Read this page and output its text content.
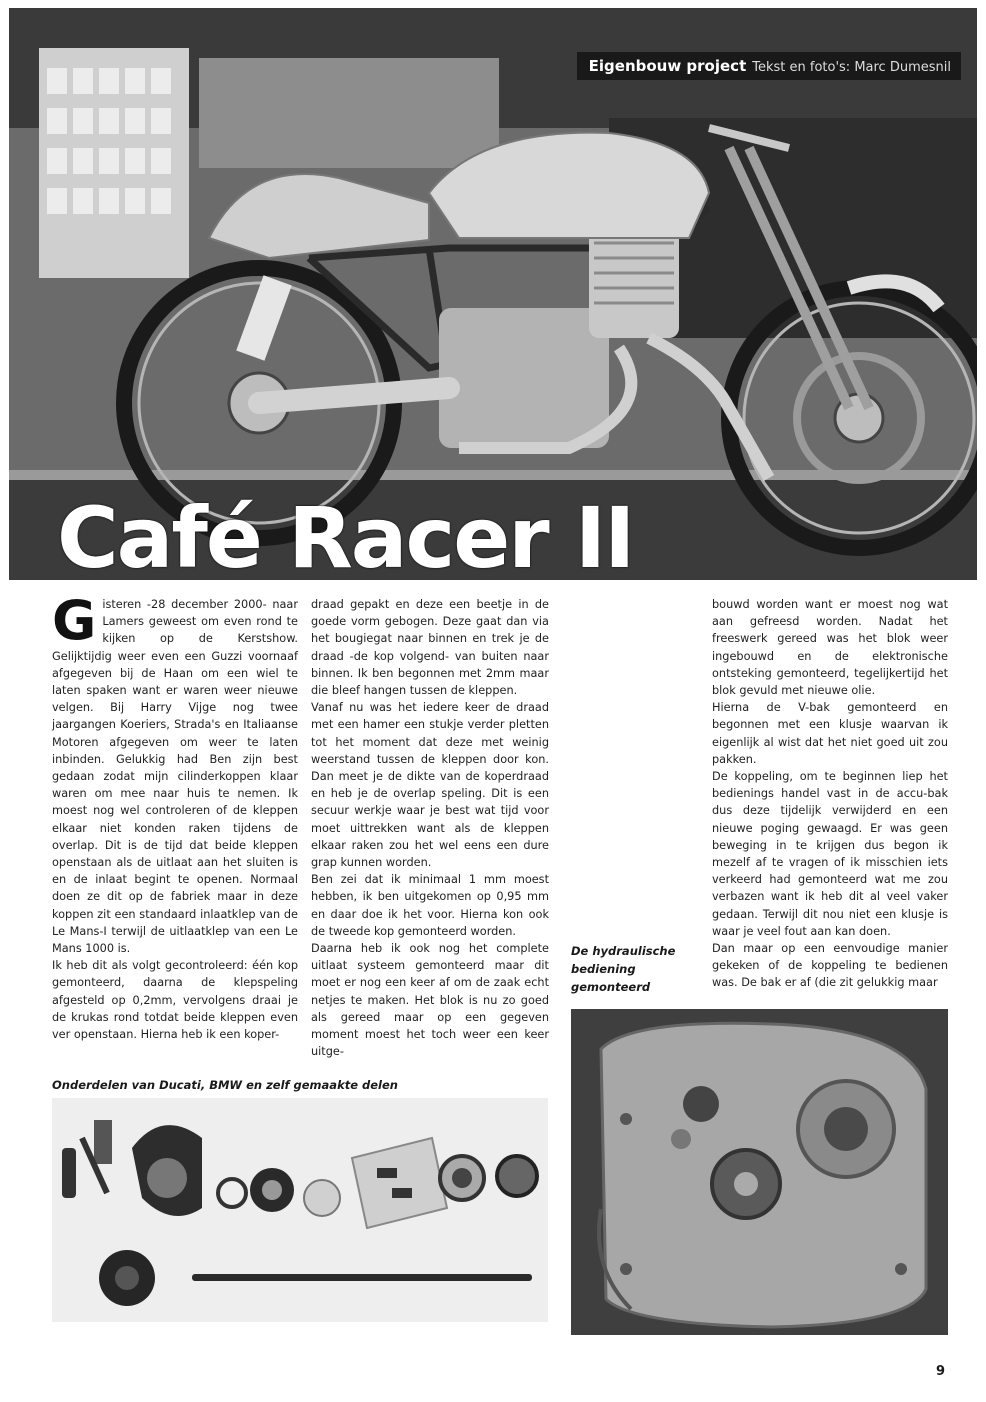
Eigenbouw project Tekst en foto's: Marc Dumesnil
Café Racer II

Gisteren -28 december 2000- naar Lamers geweest om even rond te kijken op de Kerstshow. Gelijktijdig weer even een Guzzi voornaaf afgegeven bij de Haan om een wiel te laten spaken want er waren weer nieuwe velgen. Bij Harry Vijge nog twee jaargangen Koeriers, Strada's en Italiaanse Motoren afgegeven om weer te laten inbinden. Gelukkig had Ben zijn best gedaan zodat mijn cilinderkoppen klaar waren om mee naar huis te nemen. Ik moest nog wel controleren of de kleppen elkaar niet konden raken tijdens de overlap. Dit is de tijd dat beide kleppen openstaan als de uitlaat aan het sluiten is en de inlaat begint te openen. Normaal doen ze dit op de fabriek maar in deze koppen zit een standaard inlaatklep van de Le Mans-I terwijl de uitlaatklep van een Le Mans 1000 is.

Ik heb dit als volgt gecontroleerd: één kop gemonteerd, daarna de klepspeling afgesteld op 0,2mm, vervolgens draai je de krukas rond totdat beide kleppen even ver openstaan. Hierna heb ik een koper-

draad gepakt en deze een beetje in de goede vorm gebogen. Deze gaat dan via het bougiegat naar binnen en trek je de draad -de kop volgend- van buiten naar binnen. Ik ben begonnen met 2mm maar die bleef hangen tussen de kleppen.

Vanaf nu was het iedere keer de draad met een hamer een stukje verder pletten tot het moment dat deze met weinig weerstand tussen de kleppen door kon. Dan meet je de dikte van de koperdraad en heb je de overlap speling. Dit is een secuur werkje waar je best wat tijd voor moet uittrekken want als de kleppen elkaar raken zou het wel eens een dure grap kunnen worden.

Ben zei dat ik minimaal 1 mm moest hebben, ik ben uitgekomen op 0,95 mm en daar doe ik het voor. Hierna kon ook de tweede kop gemonteerd worden.

Daarna heb ik ook nog het complete uitlaat systeem gemonteerd maar dit moet er nog een keer af om de zaak echt netjes te maken. Het blok is nu zo goed als gereed maar op een gegeven moment moest het toch weer een keer uitge-

bouwd worden want er moest nog wat aan gefreesd worden. Nadat het freeswerk gereed was het blok weer ingebouwd en de elektronische ontsteking gemonteerd, tegelijkertijd het blok gevuld met nieuwe olie.

Hierna de V-bak gemonteerd en begonnen met een klusje waarvan ik eigenlijk al wist dat het niet goed uit zou pakken.

De koppeling, om te beginnen liep het bedienings handel vast in de accu-bak dus deze tijdelijk verwijderd en een nieuwe poging gewaagd. Er was geen beweging in te krijgen dus begon ik mezelf af te vragen of ik misschien iets verkeerd had gemonteerd wat me zou verbazen want ik heb dit al veel vaker gedaan. Terwijl dit nou niet een klusje is waar je veel fout aan kan doen.

Dan maar op een eenvoudige manier gekeken of de koppeling te bedienen was. De bak er af (die zit gelukkig maar

De hydraulische bediening gemonteerd
Onderdelen van Ducati, BMW en zelf gemaakte delen
9
